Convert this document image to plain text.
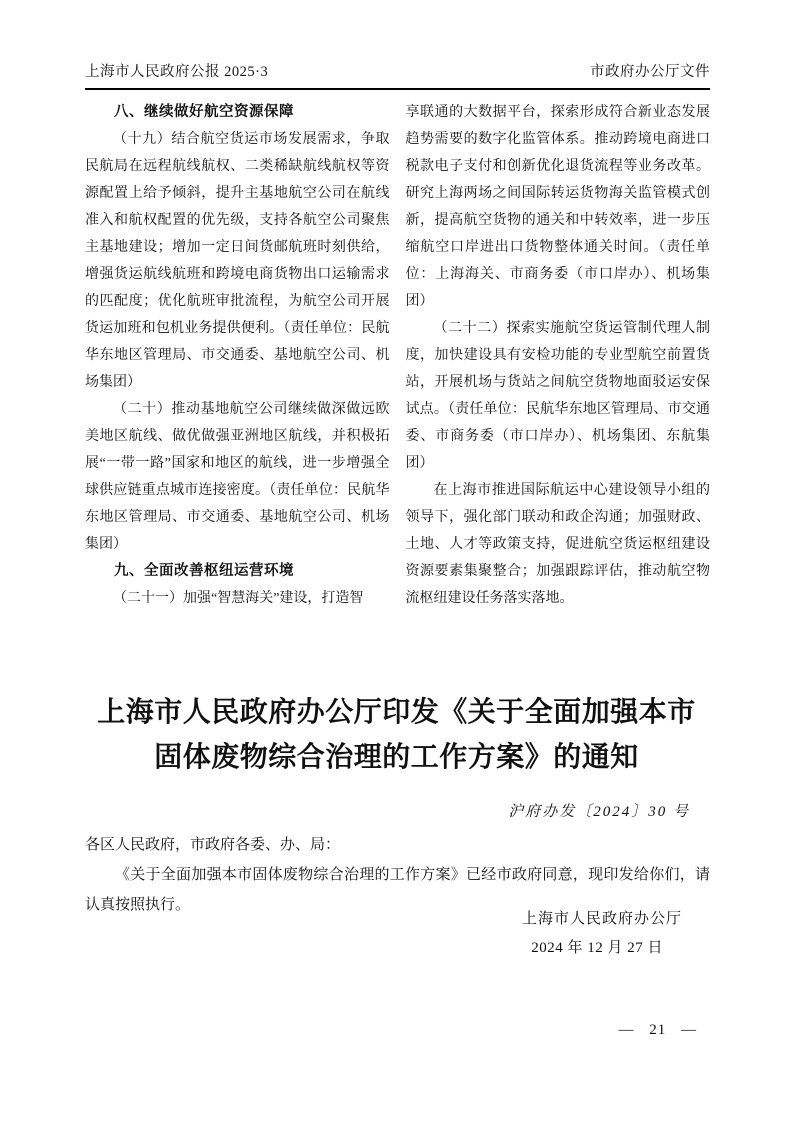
上海市人民政府公报 2025·3	市政府办公厅文件
八、继续做好航空资源保障

（十九）结合航空货运市场发展需求，争取民航局在远程航线航权、二类稀缺航线航权等资源配置上给予倾斜，提升主基地航空公司在航线准入和航权配置的优先级，支持各航空公司聚焦主基地建设；增加一定日间货邮航班时刻供给，增强货运航线航班和跨境电商货物出口运输需求的匹配度；优化航班审批流程，为航空公司开展货运加班和包机业务提供便利。（责任单位：民航华东地区管理局、市交通委、基地航空公司、机场集团）

（二十）推动基地航空公司继续做深做远欧美地区航线、做优做强亚洲地区航线，并积极拓展“一带一路”国家和地区的航线，进一步增强全球供应链重点城市连接密度。（责任单位：民航华东地区管理局、市交通委、基地航空公司、机场集团）

九、全面改善枢纽运营环境

（二十一）加强“智慧海关”建设，打造智

享联通的大数据平台，探索形成符合新业态发展趋势需要的数字化监管体系。推动跨境电商进口税款电子支付和创新优化退货流程等业务改革。研究上海两场之间国际转运货物海关监管模式创新，提高航空货物的通关和中转效率，进一步压缩航空口岸进出口货物整体通关时间。（责任单位：上海海关、市商务委（市口岸办）、机场集团）

（二十二）探索实施航空货运管制代理人制度，加快建设具有安检功能的专业型航空前置货站，开展机场与货站之间航空货物地面驳运安保试点。（责任单位：民航华东地区管理局、市交通委、市商务委（市口岸办）、机场集团、东航集团）

在上海市推进国际航运中心建设领导小组的领导下，强化部门联动和政企沟通；加强财政、土地、人才等政策支持，促进航空货运枢纽建设资源要素集聚整合；加强跟踪评估，推动航空物流枢纽建设任务落实落地。

上海市人民政府办公厅印发《关于全面加强本市
固体废物综合治理的工作方案》的通知
沪府办发〔2024〕30 号

各区人民政府，市政府各委、办、局：

《关于全面加强本市固体废物综合治理的工作方案》已经市政府同意，现印发给你们，请认真按照执行。

上海市人民政府办公厅
2024 年 12 月 27 日
— 21 —
